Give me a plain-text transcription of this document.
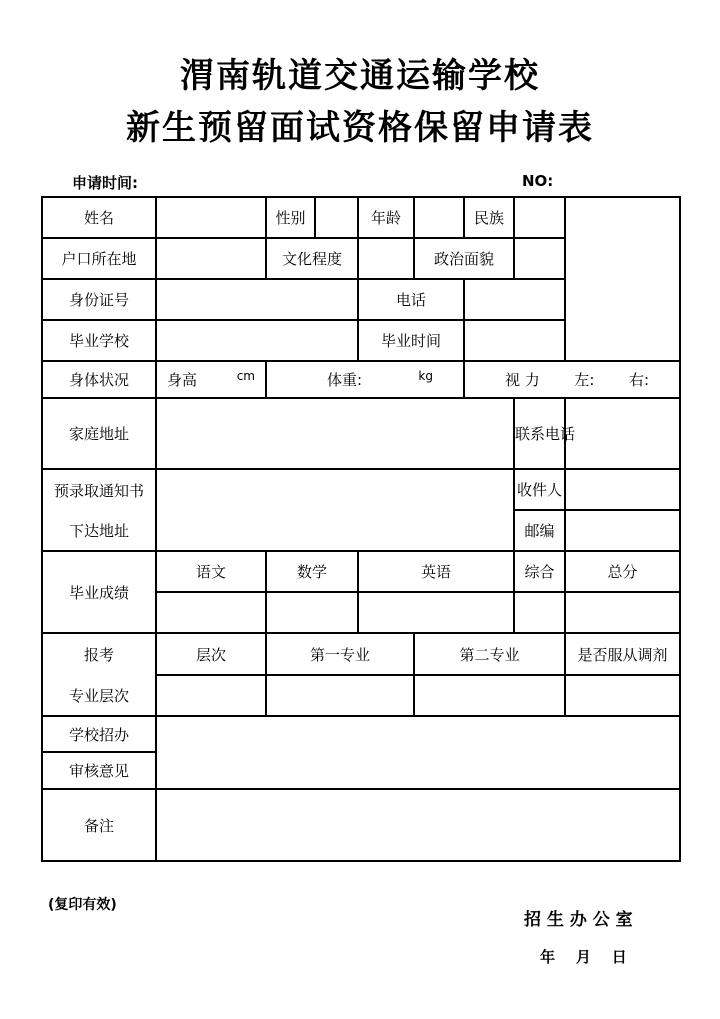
渭南轨道交通运输学校
新生预留面试资格保留申请表
申请时间:	NO:
姓名		性别		年龄		民族		
户口所在地		文化程度			政治面貌			
身份证号				电话				
毕业学校				毕业时间				
身体状况	身高 cm	体重: kg				视 力 左: 右:		

家庭地址							联系电话	
预录取通知书							收件人	
下达地址							邮编	
毕业成绩	语文	数学		英语			综合	总分

报考	层次	第一专业			第二专业			是否服从调剂
专业层次								
学校招办								
审核意见								
备注								
(复印有效)
招 生 办 公 室
年    月    日
